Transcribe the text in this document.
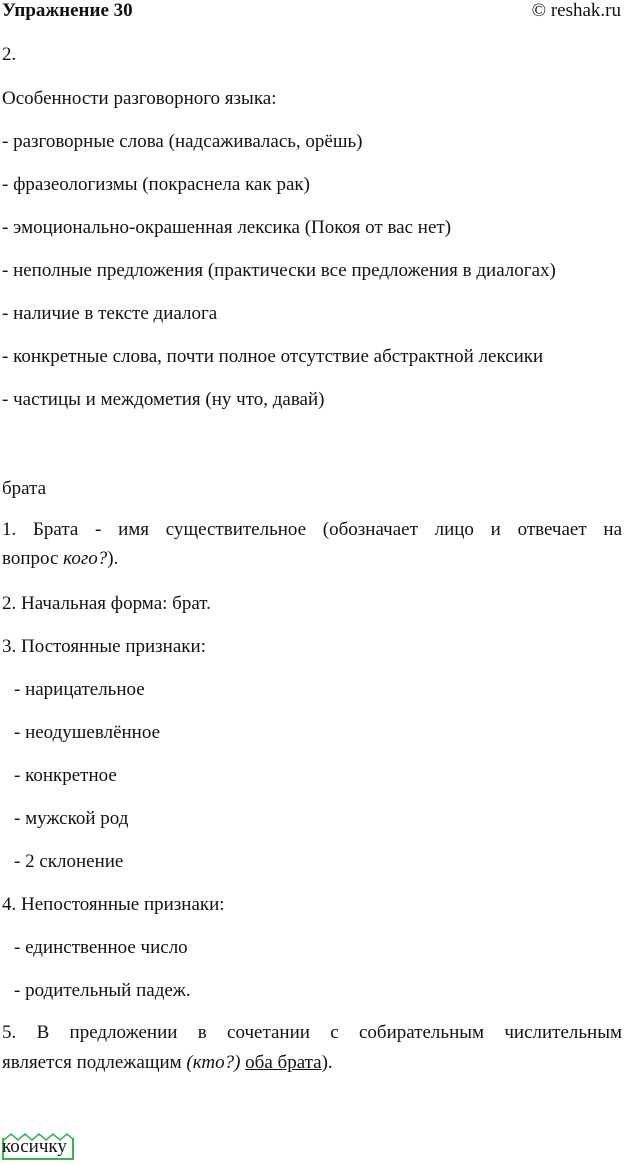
Упражнение 30	© reshak.ru
2.
Особенности разговорного языка:
- разговорные слова (надсаживалась, орёшь)
- фразеологизмы (покраснела как рак)
- эмоционально-окрашенная лексика (Покоя от вас нет)
- неполные предложения (практически все предложения в диалогах)
- наличие в тексте диалога
- конкретные слова, почти полное отсутствие абстрактной лексики
- частицы и междометия (ну что, давай)
брата
1. Брата - имя существительное (обозначает лицо и отвечает на
вопрос кого?).
2. Начальная форма: брат.
3. Постоянные признаки:
- нарицательное
- неодушевлённое
- конкретное
- мужской род
- 2 склонение
4. Непостоянные признаки:
- единственное число
- родительный падеж.
5. В предложении в сочетании с собирательным числительным
является подлежащим (кто?) оба брата).
косичку
